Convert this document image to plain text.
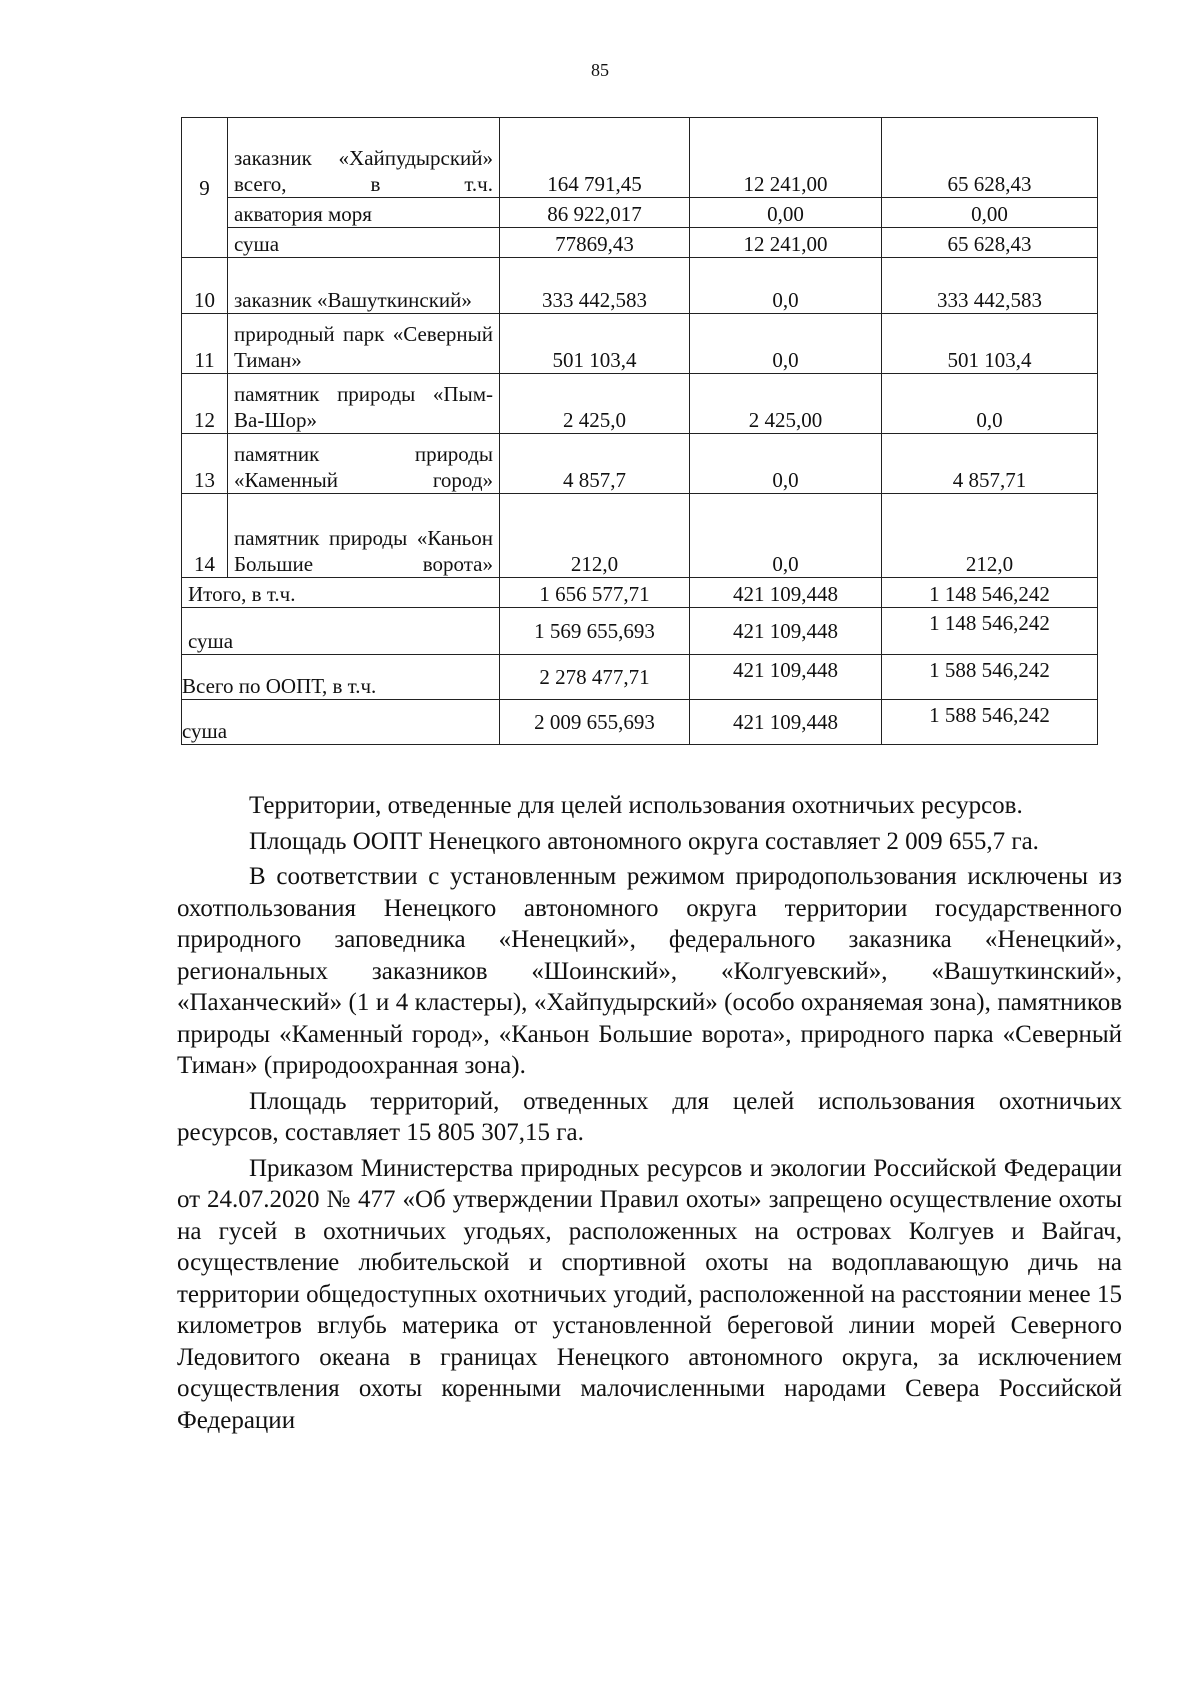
85
9	заказник «Хайпудырский» всего, в т.ч.	164 791,45	12 241,00	65 628,43
	акватория моря	86 922,017	0,00	0,00
	суша	77869,43	12 241,00	65 628,43
10	заказник «Вашуткинский»	333 442,583	0,0	333 442,583
11	природный парк «Северный Тиман»	501 103,4	0,0	501 103,4
12	памятник природы «Пым-Ва-Шор»	2 425,0	2 425,00	0,0
13	памятник природы «Каменный город»	4 857,7	0,0	4 857,71
14	памятник природы «Каньон Большие ворота»	212,0	0,0	212,0
Итого, в т.ч.		1 656 577,71	421 109,448	1 148 546,242
суша		1 569 655,693	421 109,448	1 148 546,242
Всего по ООПТ, в т.ч.		2 278 477,71	421 109,448	1 588 546,242
суша		2 009 655,693	421 109,448	1 588 546,242

Территории, отведенные для целей использования охотничьих ресурсов.

Площадь ООПТ Ненецкого автономного округа составляет 2 009 655,7 га.

В соответствии с установленным режимом природопользования исключены из охотпользования Ненецкого автономного округа территории государственного природного заповедника «Ненецкий», федерального заказника «Ненецкий», региональных заказников «Шоинский», «Колгуевский», «Вашуткинский», «Паханческий» (1 и 4 кластеры), «Хайпудырский» (особо охраняемая зона), памятников природы «Каменный город», «Каньон Большие ворота», природного парка «Северный Тиман» (природоохранная зона).

Площадь территорий, отведенных для целей использования охотничьих ресурсов, составляет 15 805 307,15 га.

Приказом Министерства природных ресурсов и экологии Российской Федерации от 24.07.2020 № 477 «Об утверждении Правил охоты» запрещено осуществление охоты на гусей в охотничьих угодьях, расположенных на островах Колгуев и Вайгач, осуществление любительской и спортивной охоты на водоплавающую дичь на территории общедоступных охотничьих угодий, расположенной на расстоянии менее 15 километров вглубь материка от установленной береговой линии морей Северного Ледовитого океана в границах Ненецкого автономного округа, за исключением осуществления охоты коренными малочисленными народами Севера Российской Федерации
